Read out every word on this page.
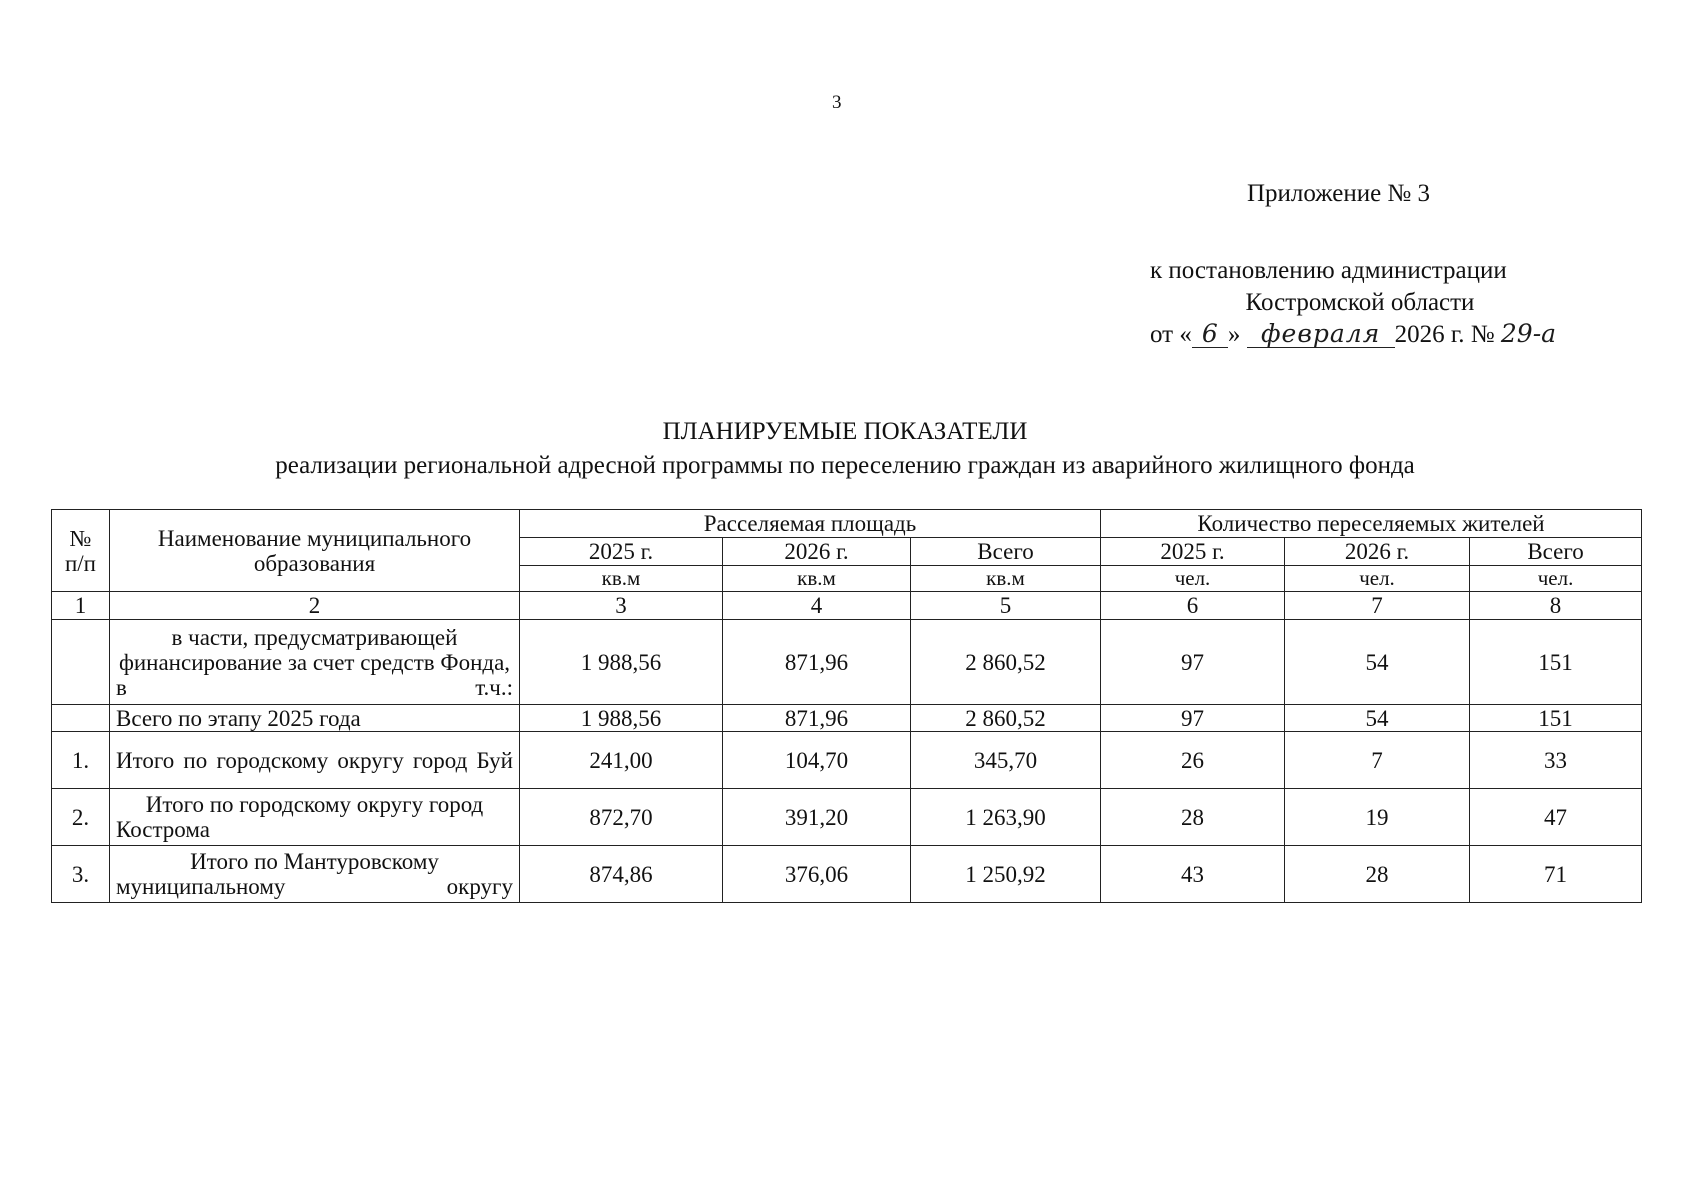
3
Приложение № 3
к постановлению администрации
Костромской области
от « 6 » февраля 2026 г. № 29-а
ПЛАНИРУЕМЫЕ ПОКАЗАТЕЛИ
реализации региональной адресной программы по переселению граждан из аварийного жилищного фонда
№ п/п	Наименование муниципального образования	Расселяемая площадь			Количество переселяемых жителей		
		2025 г.	2026 г.	Всего	2025 г.	2026 г.	Всего
		кв.м	кв.м	кв.м	чел.	чел.	чел.
1	2	3	4	5	6	7	8
	в части, предусматривающей финансирование за счет средств Фонда, в т.ч.:	1 988,56	871,96	2 860,52	97	54	151
	Всего по этапу 2025 года	1 988,56	871,96	2 860,52	97	54	151
1.	Итого по городскому округу город Буй	241,00	104,70	345,70	26	7	33
2.	Итого по городскому округу город Кострома	872,70	391,20	1 263,90	28	19	47
3.	Итого по Мантуровскому муниципальному округу	874,86	376,06	1 250,92	43	28	71
